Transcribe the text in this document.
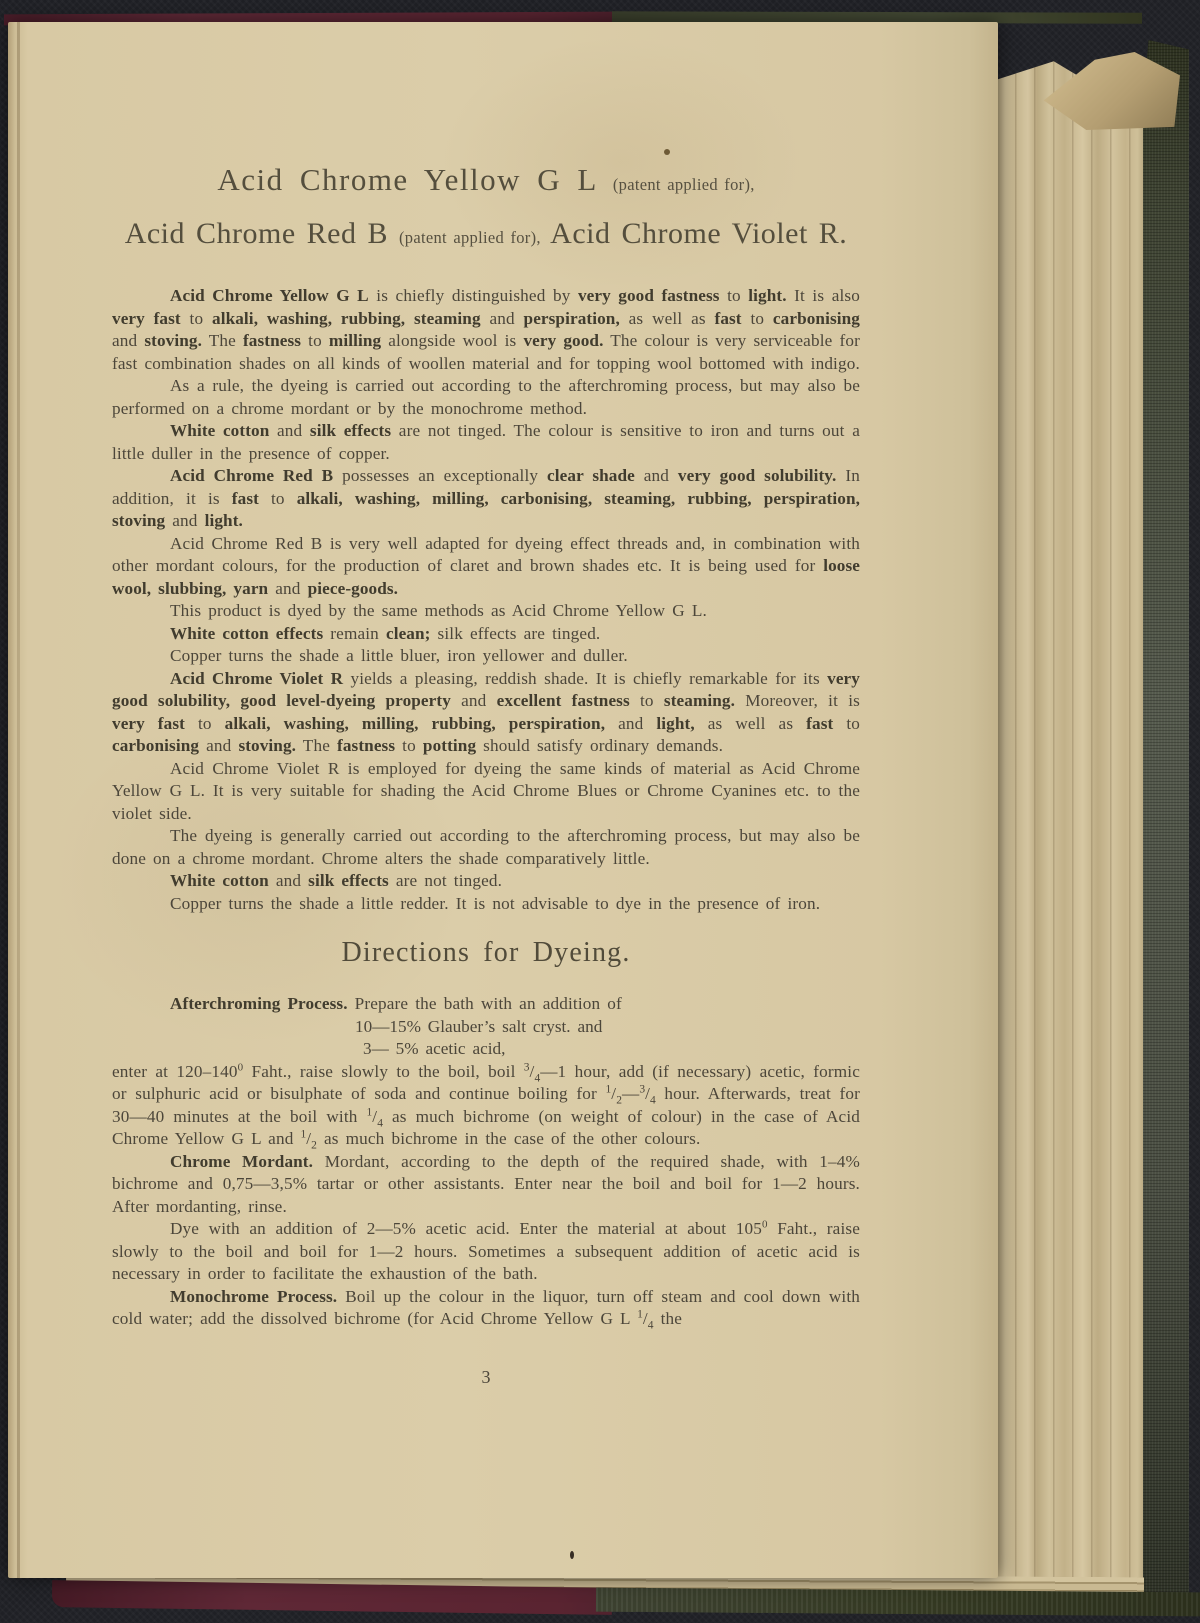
Acid Chrome Yellow G L (patent applied for),
Acid Chrome Red B (patent applied for), Acid Chrome Violet R.

Acid Chrome Yellow G L is chiefly distinguished by very good fastness to light. It is also very fast to alkali, washing, rubbing, steaming and perspiration, as well as fast to carbonising and stoving. The fastness to milling alongside wool is very good. The colour is very serviceable for fast combination shades on all kinds of woollen material and for topping wool bottomed with indigo.

As a rule, the dyeing is carried out according to the afterchroming process, but may also be performed on a chrome mordant or by the monochrome method.

White cotton and silk effects are not tinged. The colour is sensitive to iron and turns out a little duller in the presence of copper.

Acid Chrome Red B possesses an exceptionally clear shade and very good solubility. In addition, it is fast to alkali, washing, milling, carbonising, steaming, rubbing, perspiration, stoving and light.

Acid Chrome Red B is very well adapted for dyeing effect threads and, in combination with other mordant colours, for the production of claret and brown shades etc. It is being used for loose wool, slubbing, yarn and piece-goods.

This product is dyed by the same methods as Acid Chrome Yellow G L.

White cotton effects remain clean; silk effects are tinged.

Copper turns the shade a little bluer, iron yellower and duller.

Acid Chrome Violet R yields a pleasing, reddish shade. It is chiefly remarkable for its very good solubility, good level-dyeing property and excellent fastness to steaming. Moreover, it is very fast to alkali, washing, milling, rubbing, perspiration, and light, as well as fast to carbonising and stoving. The fastness to potting should satisfy ordinary demands.

Acid Chrome Violet R is employed for dyeing the same kinds of material as Acid Chrome Yellow G L. It is very suitable for shading the Acid Chrome Blues or Chrome Cyanines etc. to the violet side.

The dyeing is generally carried out according to the afterchroming process, but may also be done on a chrome mordant. Chrome alters the shade comparatively little.

White cotton and silk effects are not tinged.

Copper turns the shade a little redder. It is not advisable to dye in the presence of iron.

Directions for Dyeing.

Afterchroming Process. Prepare the bath with an addition of

10—15% Glauber’s salt cryst. and
3— 5% acetic acid,

enter at $120-140^0$ Faht., raise slowly to the boil, boil $^3/_4—1$ hour, add (if necessary) acetic, formic or sulphuric acid or bisulphate of soda and continue boiling for $^1/_2—^3/_4$ hour. Afterwards, treat for 30—40 minutes at the boil with $^1/_4$ as much bichrome (on weight of colour) in the case of Acid Chrome Yellow G L and $^1/_2$ as much bichrome in the case of the other colours.

Chrome Mordant. Mordant, according to the depth of the required shade, with 1–4% bichrome and 0,75—3,5% tartar or other assistants. Enter near the boil and boil for 1—2 hours. After mordanting, rinse.

Dye with an addition of 2—5% acetic acid. Enter the material at about $105^0$ Faht., raise slowly to the boil and boil for 1—2 hours. Sometimes a subsequent addition of acetic acid is necessary in order to facilitate the exhaustion of the bath.

Monochrome Process. Boil up the colour in the liquor, turn off steam and cool down with cold water; add the dissolved bichrome (for Acid Chrome Yellow G L $^1/_4$ the

3
